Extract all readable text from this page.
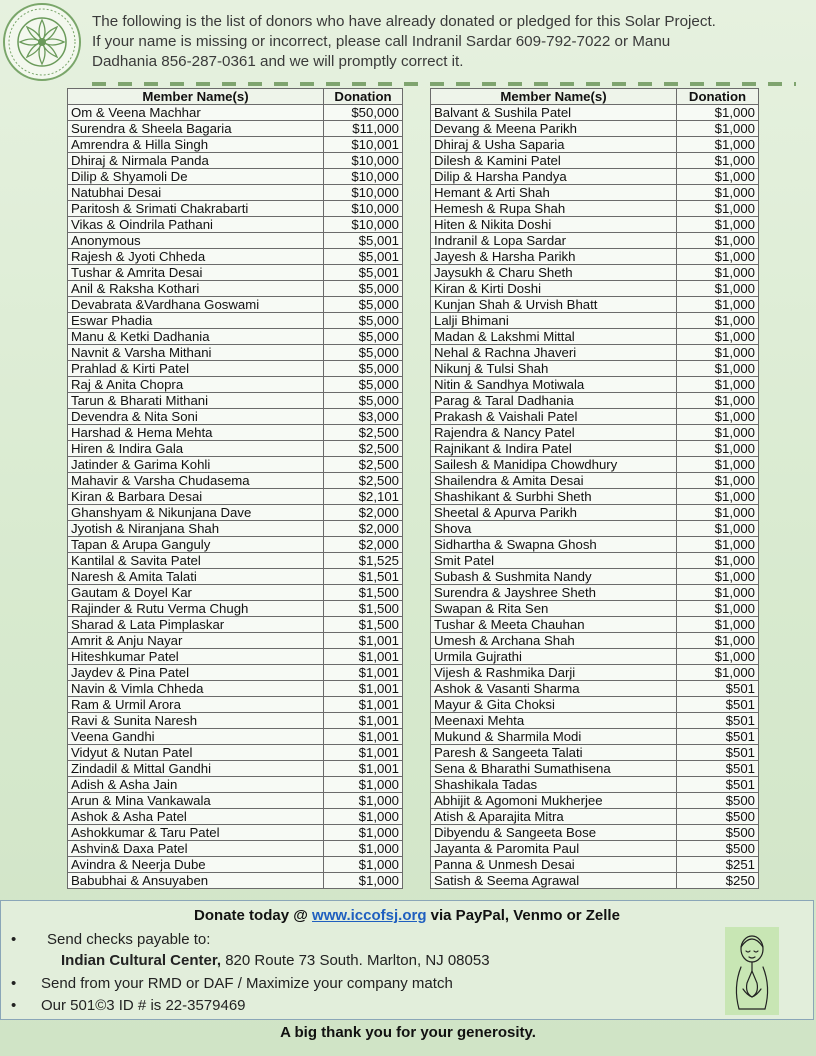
The following is the list of donors who have already donated or pledged for this Solar Project.
If your name is missing or incorrect, please call Indranil Sardar 609-792-7022 or Manu
Dadhania 856-287-0361 and we will promptly correct it.
Member Name(s)	Donation
Om & Veena Machhar	$50,000
Surendra & Sheela Bagaria	$11,000
Amrendra & Hilla Singh	$10,001
Dhiraj & Nirmala Panda	$10,000
Dilip & Shyamoli De	$10,000
Natubhai Desai	$10,000
Paritosh & Srimati Chakrabarti	$10,000
Vikas & Oindrila Pathani	$10,000
Anonymous	$5,001
Rajesh & Jyoti Chheda	$5,001
Tushar & Amrita Desai	$5,001
Anil & Raksha Kothari	$5,000
Devabrata &Vardhana Goswami	$5,000
Eswar Phadia	$5,000
Manu & Ketki Dadhania	$5,000
Navnit & Varsha Mithani	$5,000
Prahlad & Kirti Patel	$5,000
Raj & Anita Chopra	$5,000
Tarun & Bharati Mithani	$5,000
Devendra & Nita Soni	$3,000
Harshad & Hema Mehta	$2,500
Hiren & Indira Gala	$2,500
Jatinder & Garima Kohli	$2,500
Mahavir & Varsha Chudasema	$2,500
Kiran & Barbara Desai	$2,101
Ghanshyam & Nikunjana Dave	$2,000
Jyotish & Niranjana Shah	$2,000
Tapan & Arupa Ganguly	$2,000
Kantilal & Savita Patel	$1,525
Naresh & Amita Talati	$1,501
Gautam & Doyel Kar	$1,500
Rajinder & Rutu Verma Chugh	$1,500
Sharad & Lata Pimplaskar	$1,500
Amrit & Anju Nayar	$1,001
Hiteshkumar Patel	$1,001
Jaydev & Pina Patel	$1,001
Navin & Vimla Chheda	$1,001
Ram & Urmil Arora	$1,001
Ravi & Sunita Naresh	$1,001
Veena Gandhi	$1,001
Vidyut & Nutan Patel	$1,001
Zindadil & Mittal Gandhi	$1,001
Adish & Asha Jain	$1,000
Arun & Mina Vankawala	$1,000
Ashok & Asha Patel	$1,000
Ashokkumar & Taru Patel	$1,000
Ashvin& Daxa Patel	$1,000
Avindra & Neerja Dube	$1,000
Babubhai & Ansuyaben	$1,000
Member Name(s)	Donation
Balvant & Sushila Patel	$1,000
Devang & Meena Parikh	$1,000
Dhiraj & Usha Saparia	$1,000
Dilesh & Kamini Patel	$1,000
Dilip & Harsha Pandya	$1,000
Hemant & Arti Shah	$1,000
Hemesh & Rupa Shah	$1,000
Hiten & Nikita Doshi	$1,000
Indranil & Lopa Sardar	$1,000
Jayesh & Harsha Parikh	$1,000
Jaysukh & Charu Sheth	$1,000
Kiran & Kirti Doshi	$1,000
Kunjan Shah & Urvish Bhatt	$1,000
Lalji Bhimani	$1,000
Madan & Lakshmi Mittal	$1,000
Nehal & Rachna Jhaveri	$1,000
Nikunj & Tulsi Shah	$1,000
Nitin & Sandhya Motiwala	$1,000
Parag & Taral Dadhania	$1,000
Prakash & Vaishali Patel	$1,000
Rajendra & Nancy Patel	$1,000
Rajnikant & Indira Patel	$1,000
Sailesh & Manidipa Chowdhury	$1,000
Shailendra & Amita Desai	$1,000
Shashikant & Surbhi Sheth	$1,000
Sheetal & Apurva Parikh	$1,000
Shova	$1,000
Sidhartha & Swapna Ghosh	$1,000
Smit Patel	$1,000
Subash & Sushmita Nandy	$1,000
Surendra & Jayshree Sheth	$1,000
Swapan & Rita Sen	$1,000
Tushar & Meeta Chauhan	$1,000
Umesh & Archana Shah	$1,000
Urmila Gujrathi	$1,000
Vijesh & Rashmika Darji	$1,000
Ashok & Vasanti Sharma	$501
Mayur & Gita Choksi	$501
Meenaxi Mehta	$501
Mukund & Sharmila Modi	$501
Paresh & Sangeeta Talati	$501
Sena & Bharathi Sumathisena	$501
Shashikala Tadas	$501
Abhijit & Agomoni Mukherjee	$500
Atish & Aparajita Mitra	$500
Dibyendu & Sangeeta Bose	$500
Jayanta & Paromita Paul	$500
Panna & Unmesh Desai	$251
Satish & Seema Agrawal	$250
Donate today @ www.iccofsj.org via PayPal, Venmo or Zelle
• Send checks payable to:
Indian Cultural Center, 820 Route 73 South. Marlton, NJ 08053
• Send from your RMD or DAF / Maximize your company match
• Our 501©3 ID # is 22-3579469
A big thank you for your generosity.
